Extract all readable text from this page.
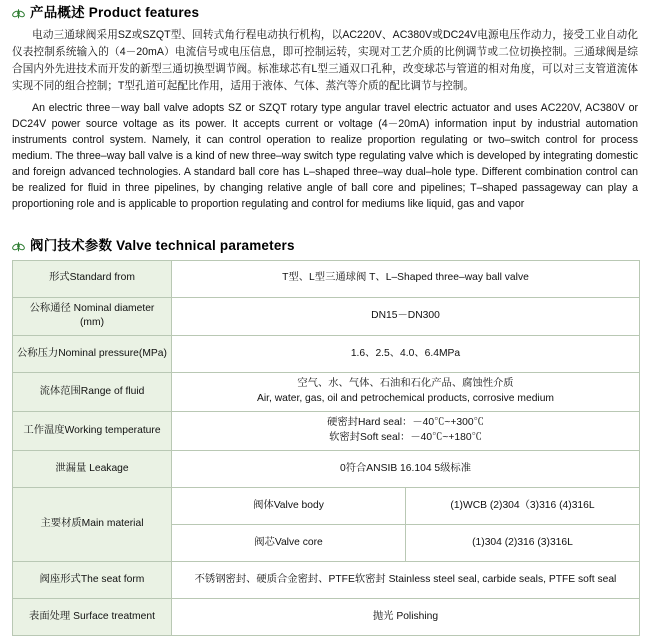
产品概述 Product features

电动三通球阀采用SZ或SZQT型、回转式角行程电动执行机构，以AC220V、AC380V或DC24V电源电压作动力，接受工业自动化仪表控制系统输入的（4－20mA）电流信号或电压信息，即可控制运转，实现对工艺介质的比例调节或二位切换控制。三通球阀是综合国内外先进技术而开发的新型三通切换型调节阀。标准球芯有L型三通双口孔种，改变球芯与管道的相对角度，可以对三支管道流体实现不同的组合控制；T型孔道可起配比作用，适用于液体、气体、蒸汽等介质的配比调节与控制。

An electric three－way ball valve adopts SZ or SZQT rotary type angular travel electric actuator and uses AC220V, AC380V or DC24V power source voltage as its power. It accepts current or voltage (4－20mA) information input by industrial automation instruments control system. Namely, it can control operation to realize proportion regulating or two–switch control for process medium. The three–way ball valve is a kind of new three–way switch type regulating valve which is developed by integrating domestic and foreign advanced technologies. A standard ball core has L–shaped three–way dual–hole type. Different combination control can be realized for fluid in three pipelines, by changing relative angle of ball core and pipelines; T–shaped passageway can play a proportioning role and is applicable to proportion regulating and control for mediums like liquid, gas and vapor

阀门技术参数 Valve technical parameters
形式Standard from	T型、L型三通球阀 T、L–Shaped three–way ball valve	
公称通径 Nominal diameter (mm)	DN15－DN300	
公称压力Nominal pressure(MPa)	1.6、2.5、4.0、6.4MPa	
流体范围Range of fluid	空气、水、气体、石油和石化产品、腐蚀性介质
Air, water, gas, oil and petrochemical products, corrosive medium	

工作温度Working temperature	硬密封Hard seal：－40℃~+300℃
软密封Soft seal：－40℃~+180℃	

泄漏量 Leakage	0符合ANSIB 16.104 5级标准	
主要材质Main material	阀体Valve body	(1)WCB (2)304（3)316 (4)316L
	阀芯Valve core	(1)304 (2)316 (3)316L
阀座形式The seat form	不锈钢密封、硬质合金密封、PTFE软密封 Stainless steel seal, carbide seals, PTFE soft seal	
表面处理 Surface treatment	抛光 Polishing	
